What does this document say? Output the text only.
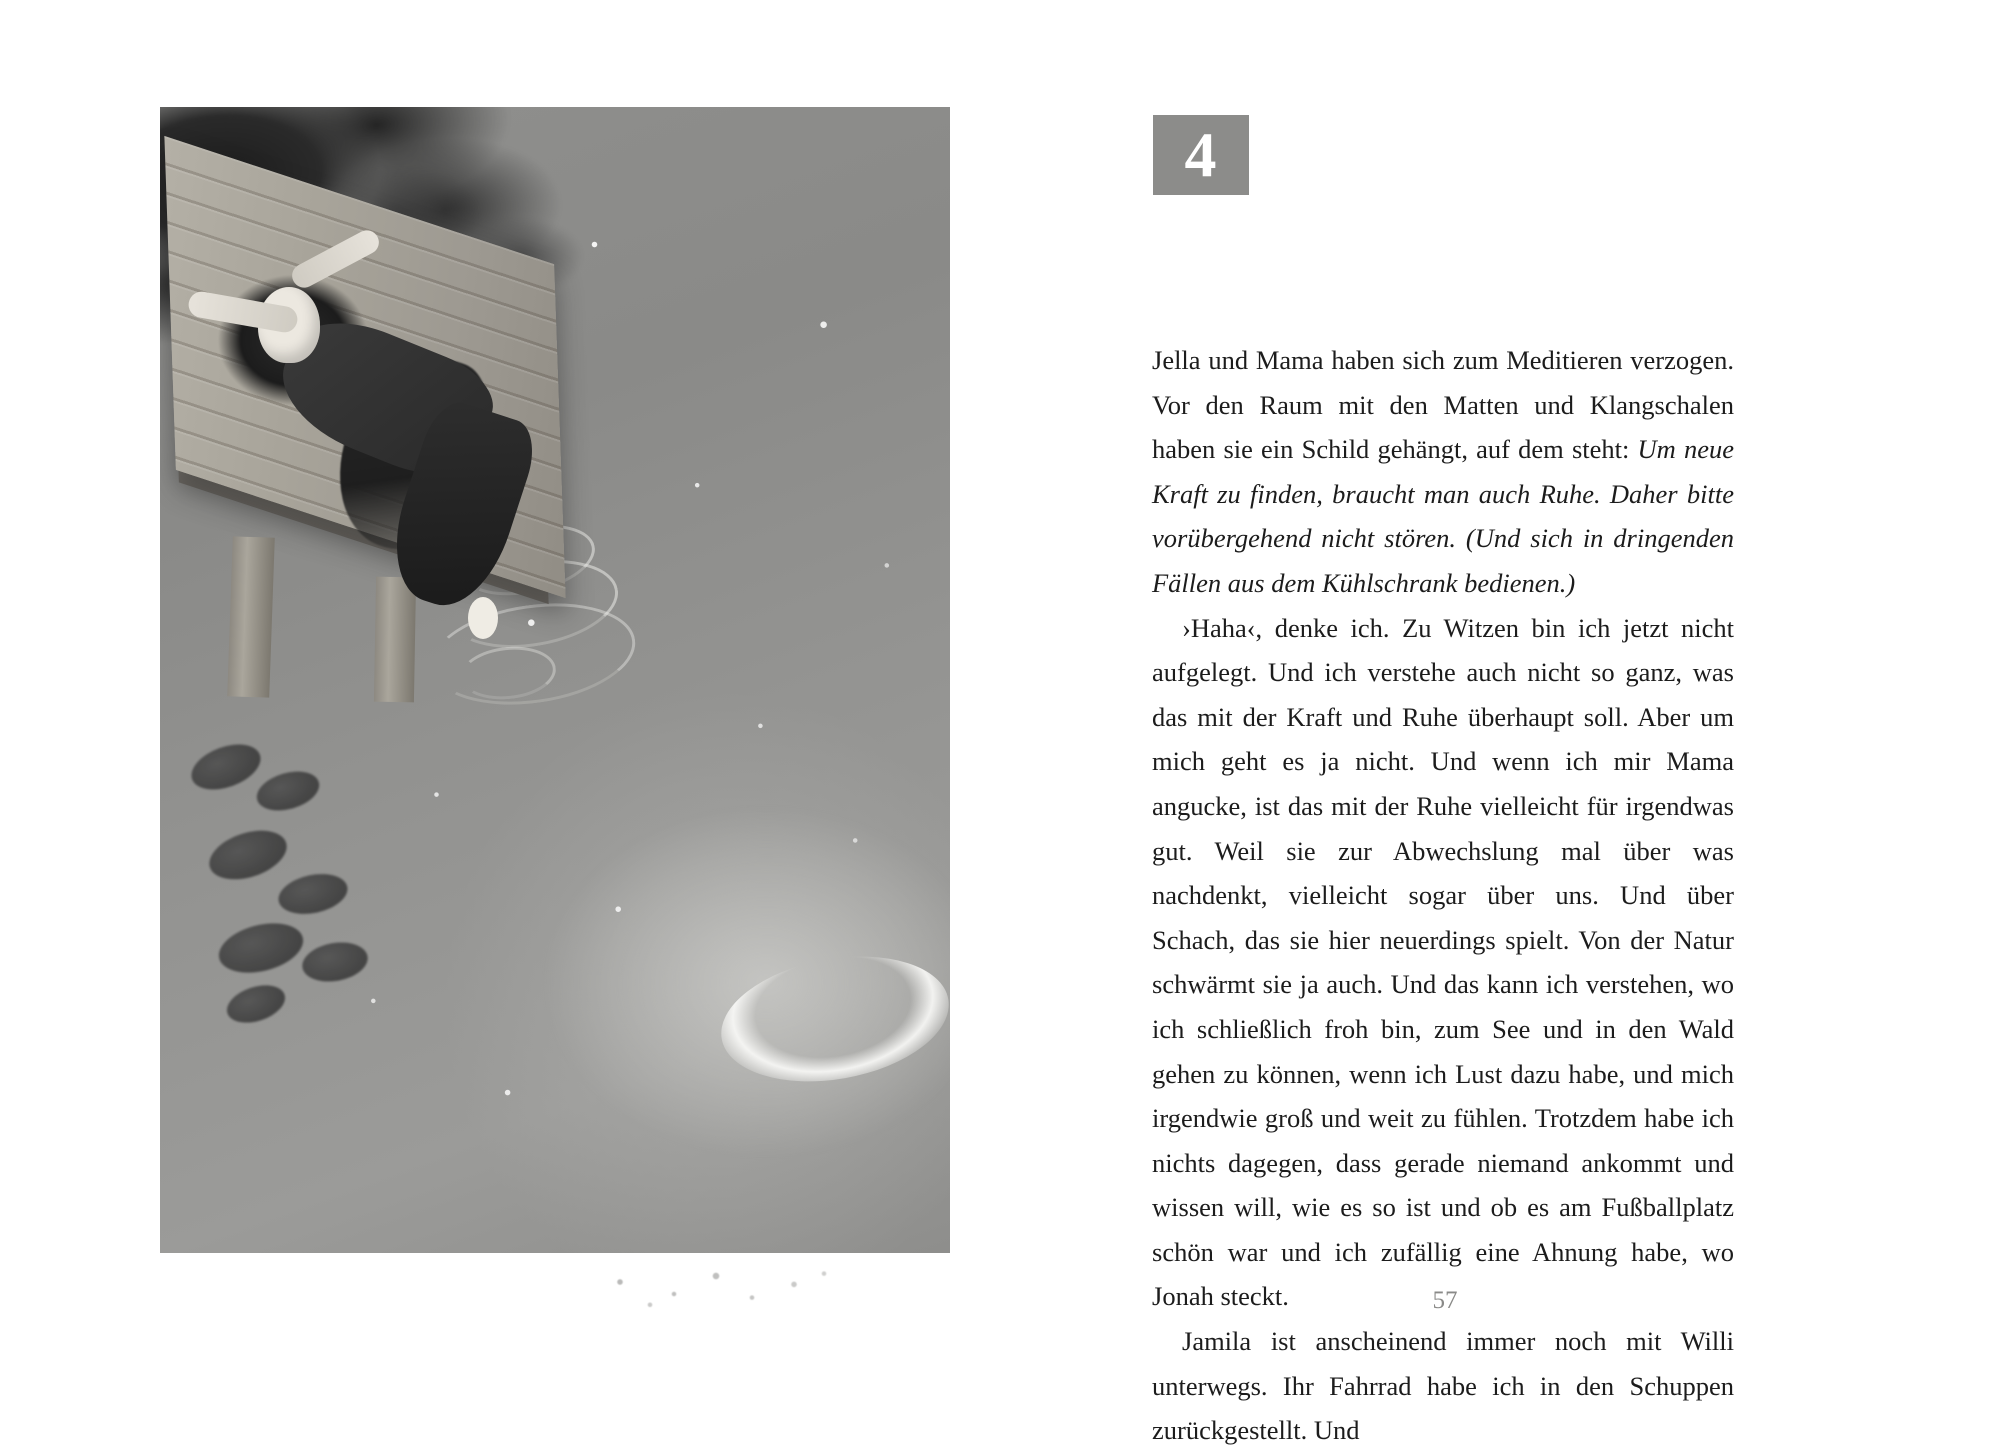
4

Jella und Mama haben sich zum Meditieren verzogen. Vor den Raum mit den Matten und Klangschalen haben sie ein Schild gehängt, auf dem steht: Um neue Kraft zu finden, braucht man auch Ruhe. Daher bitte vorübergehend nicht stören. (Und sich in dringenden Fällen aus dem Kühlschrank bedienen.)

›Haha‹, denke ich. Zu Witzen bin ich jetzt nicht aufgelegt. Und ich verstehe auch nicht so ganz, was das mit der Kraft und Ruhe überhaupt soll. Aber um mich geht es ja nicht. Und wenn ich mir Mama angucke, ist das mit der Ruhe vielleicht für irgendwas gut. Weil sie zur Abwechslung mal über was nachdenkt, vielleicht sogar über uns. Und über Schach, das sie hier neuerdings spielt. Von der Natur schwärmt sie ja auch. Und das kann ich verstehen, wo ich schließlich froh bin, zum See und in den Wald gehen zu können, wenn ich Lust dazu habe, und mich irgendwie groß und weit zu fühlen. Trotzdem habe ich nichts dagegen, dass gerade niemand ankommt und wissen will, wie es so ist und ob es am Fußballplatz schön war und ich zufällig eine Ahnung habe, wo Jonah steckt.

Jamila ist anscheinend immer noch mit Willi unterwegs. Ihr Fahrrad habe ich in den Schuppen zurückgestellt. Und

57
